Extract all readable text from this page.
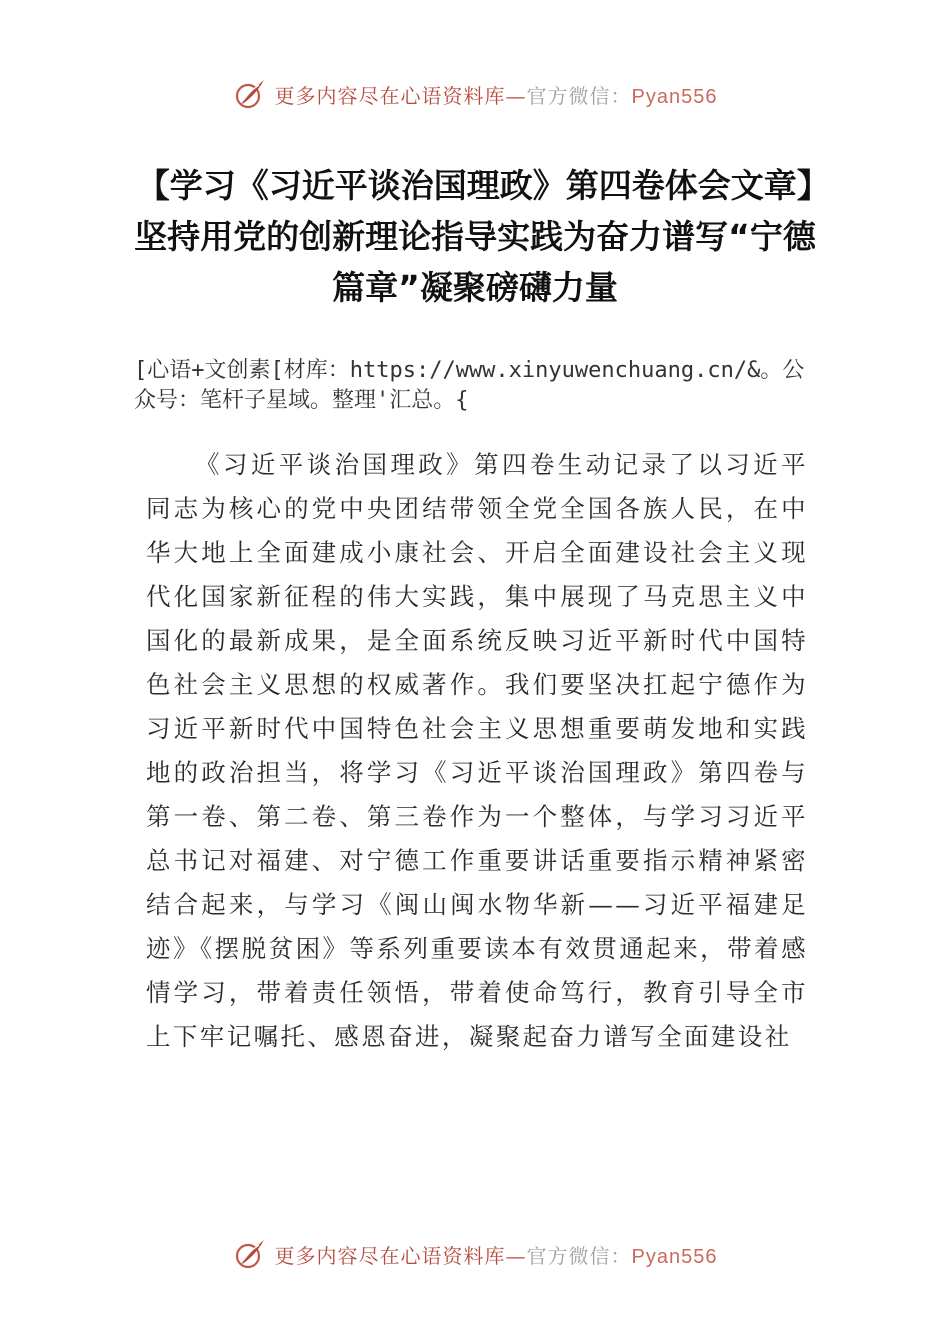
更多内容尽在心语资料库—官方微信：Pyan556
【学习《习近平谈治国理政》第四卷体会文章】坚持用党的创新理论指导实践为奋力谱写“宁德篇章”凝聚磅礴力量

[心语+文创素[材库：https://www.xinyuwenchuang.cn/&。公众号：笔杆子星域。整理'汇总。{

《习近平谈治国理政》第四卷生动记录了以习近平同志为核心的党中央团结带领全党全国各族人民，在中华大地上全面建成小康社会、开启全面建设社会主义现代化国家新征程的伟大实践，集中展现了马克思主义中国化的最新成果，是全面系统反映习近平新时代中国特色社会主义思想的权威著作。我们要坚决扛起宁德作为习近平新时代中国特色社会主义思想重要萌发地和实践地的政治担当，将学习《习近平谈治国理政》第四卷与第一卷、第二卷、第三卷作为一个整体，与学习习近平总书记对福建、对宁德工作重要讲话重要指示精神紧密结合起来，与学习《闽山闽水物华新——习近平福建足迹》《摆脱贫困》等系列重要读本有效贯通起来，带着感情学习，带着责任领悟，带着使命笃行，教育引导全市上下牢记嘱托、感恩奋进，凝聚起奋力谱写全面建设社

更多内容尽在心语资料库—官方微信：Pyan556
